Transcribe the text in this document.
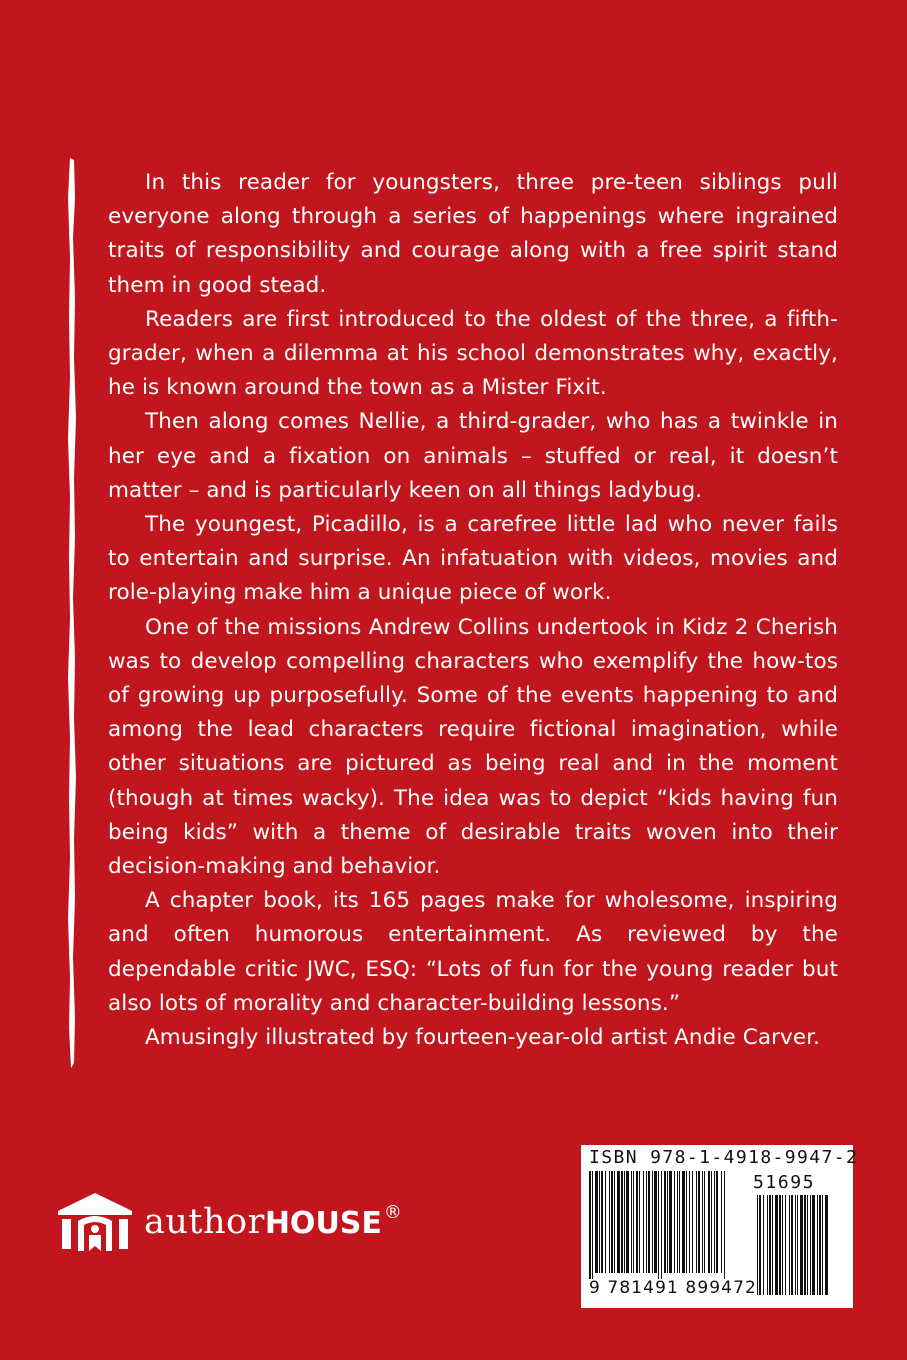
In this reader for youngsters, three pre-teen siblings pull everyone along through a series of happenings where ingrained traits of responsibility and courage along with a free spirit stand them in good stead.

Readers are first introduced to the oldest of the three, a fifth-grader, when a dilemma at his school demonstrates why, exactly, he is known around the town as a Mister Fixit.

Then along comes Nellie, a third-grader, who has a twinkle in her eye and a fixation on animals – stuffed or real, it doesn’t matter – and is particularly keen on all things ladybug.

The youngest, Picadillo, is a carefree little lad who never fails to entertain and surprise. An infatuation with videos, movies and role-playing make him a unique piece of work.

One of the missions Andrew Collins undertook in Kidz 2 Cherish was to develop compelling characters who exemplify the how-tos of growing up purposefully. Some of the events happening to and among the lead characters require fictional imagination, while other situations are pictured as being real and in the moment (though at times wacky). The idea was to depict “kids having fun being kids” with a theme of desirable traits woven into their decision-making and behavior.

A chapter book, its 165 pages make for wholesome, inspiring and often humorous entertainment. As reviewed by the dependable critic JWC, ESQ: “Lots of fun for the young reader but also lots of morality and character-building lessons.”

Amusingly illustrated by fourteen-year-old artist Andie Carver.

author HOUSE ®
ISBN 978-1-4918-9947-2
51695
9 781491 899472
